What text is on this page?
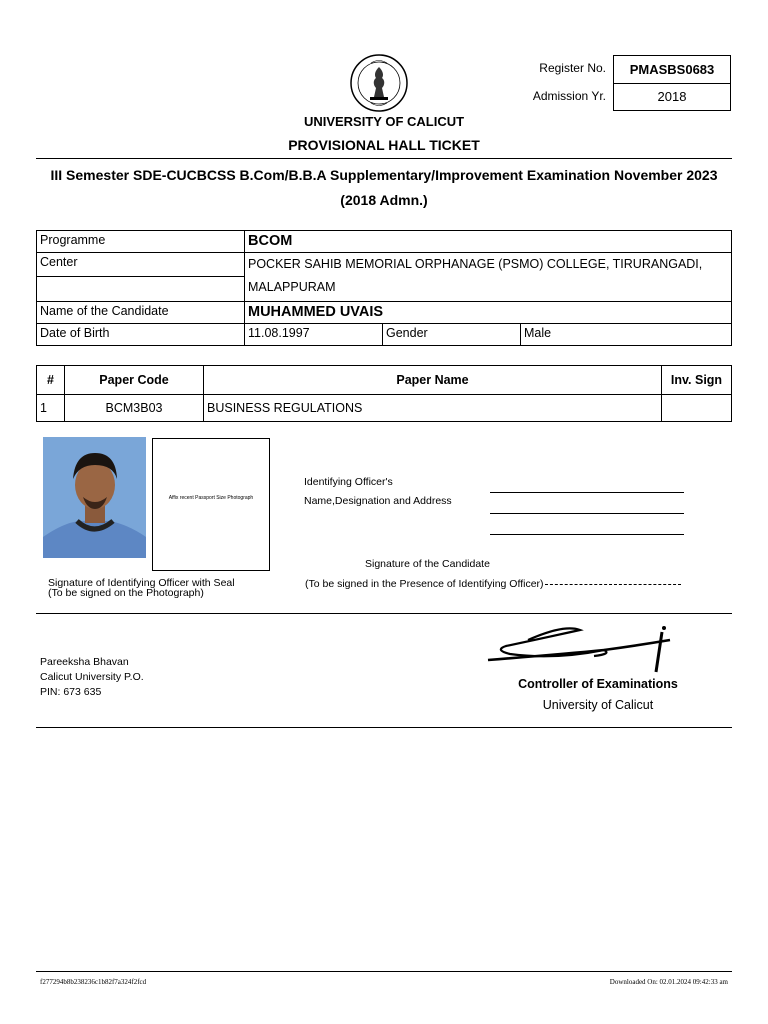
Register No.	PMASBS0683
Admission Yr.	2018
UNIVERSITY OF CALICUT
PROVISIONAL HALL TICKET
III Semester SDE-CUCBCSS B.Com/B.B.A Supplementary/Improvement Examination November 2023
(2018 Admn.)
Programme	BCOM		

Center	POCKER SAHIB MEMORIAL ORPHANAGE (PSMO) COLLEGE, TIRURANGADI,
MALAPPURAM		

Name of the Candidate	MUHAMMED UVAIS		
Date of Birth	11.08.1997	Gender	Male
#	Paper Code	Paper Name	Inv. Sign
1	BCM3B03	BUSINESS REGULATIONS	
Affix recent Passport Size Photograph
Identifying Officer's
Name,Designation and Address
Signature of the Candidate
(To be signed in the Presence of Identifying Officer)
Signature of Identifying Officer with Seal
(To be signed on the Photograph)
Pareeksha Bhavan
Calicut University P.O.
PIN: 673 635
Controller of Examinations
University of Calicut
f277294b8b238236c1b82f7a324f2fcd	Downloaded On: 02.01.2024 09:42:33 am
